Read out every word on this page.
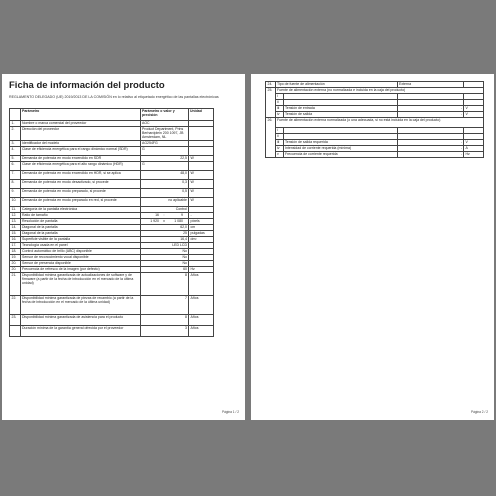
Ficha de información del producto
REGLAMENTO DELEGADO (UE) 2019/2013 DE LA COMISIÓN en lo relativo al etiquetado energético de las pantallas electrónicas
	Parámetro	Parámetro o valor y precisión	Unidad
1.	Nombre o marca comercial del proveedor	AOC	
2.	Dirección del proveedor	Product Department, Prins Berhardplein 200 1097, JB Amsterdam, NL	
3.	Identificador del modelo	AG254FG	
4.	Clase de eficiencia energética para el rango dinámico normal (SDR)	G	
5.	Demanda de potencia en modo encendido en SDR	22,5	W
6.	Clase de eficiencia energética para el alto rango dinámico (HDR)	G	
7.	Demanda de potencia en modo encendido en HDR, si se aplica	48,0	W
8.	Demanda de potencia en modo desactivado, si procede	0,3	W
9.	Demanda de potencia en modo preparado, si procede	0,5	W
10.	Demanda de potencia en modo preparado en red, si procede	no aplicable	W
11.	Categoría de la pantalla electrónica	Control	
12.	Ratio de tamaño	16 : 9	-
13.	Resolución de pantalla	1 920 x 1 080	píxels
14.	Diagonal de la pantalla	62,0	cm
15.	Diagonal de la pantalla	25	pulgadas
16.	Superficie visible de la pantalla	16,4	dm²
17.	Tecnología usada en el panel	LED LCD	
18.	Control automático de brillo (ABC) disponible	No	
19.	Sensor de reconocimiento vocal disponible	No	
20.	Sensor de presencia disponible	No	
20.	Frecuencia de refresco de la imagen (por defecto)	60	Hz
21.	Disponibilidad mínima garantizada de actualizaciones de software y de firmware (a partir de la fecha de introducción en el mercado de la última unidad)	8	Años
22.	Disponibilidad mínima garantizada de piezas de recambio (a partir de la fecha de introducción en el mercado de la última unidad)	7	Años
23.	Disponibilidad mínima garantizada de asistencia para el producto	8	Años
	Duración mínima de la garantía general ofrecida por el proveedor	3	Años
Página 1 / 2
24.	Tipo de fuente de alimentación		Externa	
25.	Fuente de alimentación externa (no normalizada e incluida en la caja del producto)			
	i			
	ii			
	iii	Tensión de entrada	-	V
	iv	Tensión de salida	-	V
26.	Fuente de alimentación externa normalizada (o una adecuada, si no está incluida en la caja del producto)			
	i			
	ii			
	iii	Tensión de salida requerida	-	V
	iv	Intensidad de corriente requerida (mínima)	-	A
	v	Frecuencia de corriente requerida	-	Hz
Página 2 / 2
